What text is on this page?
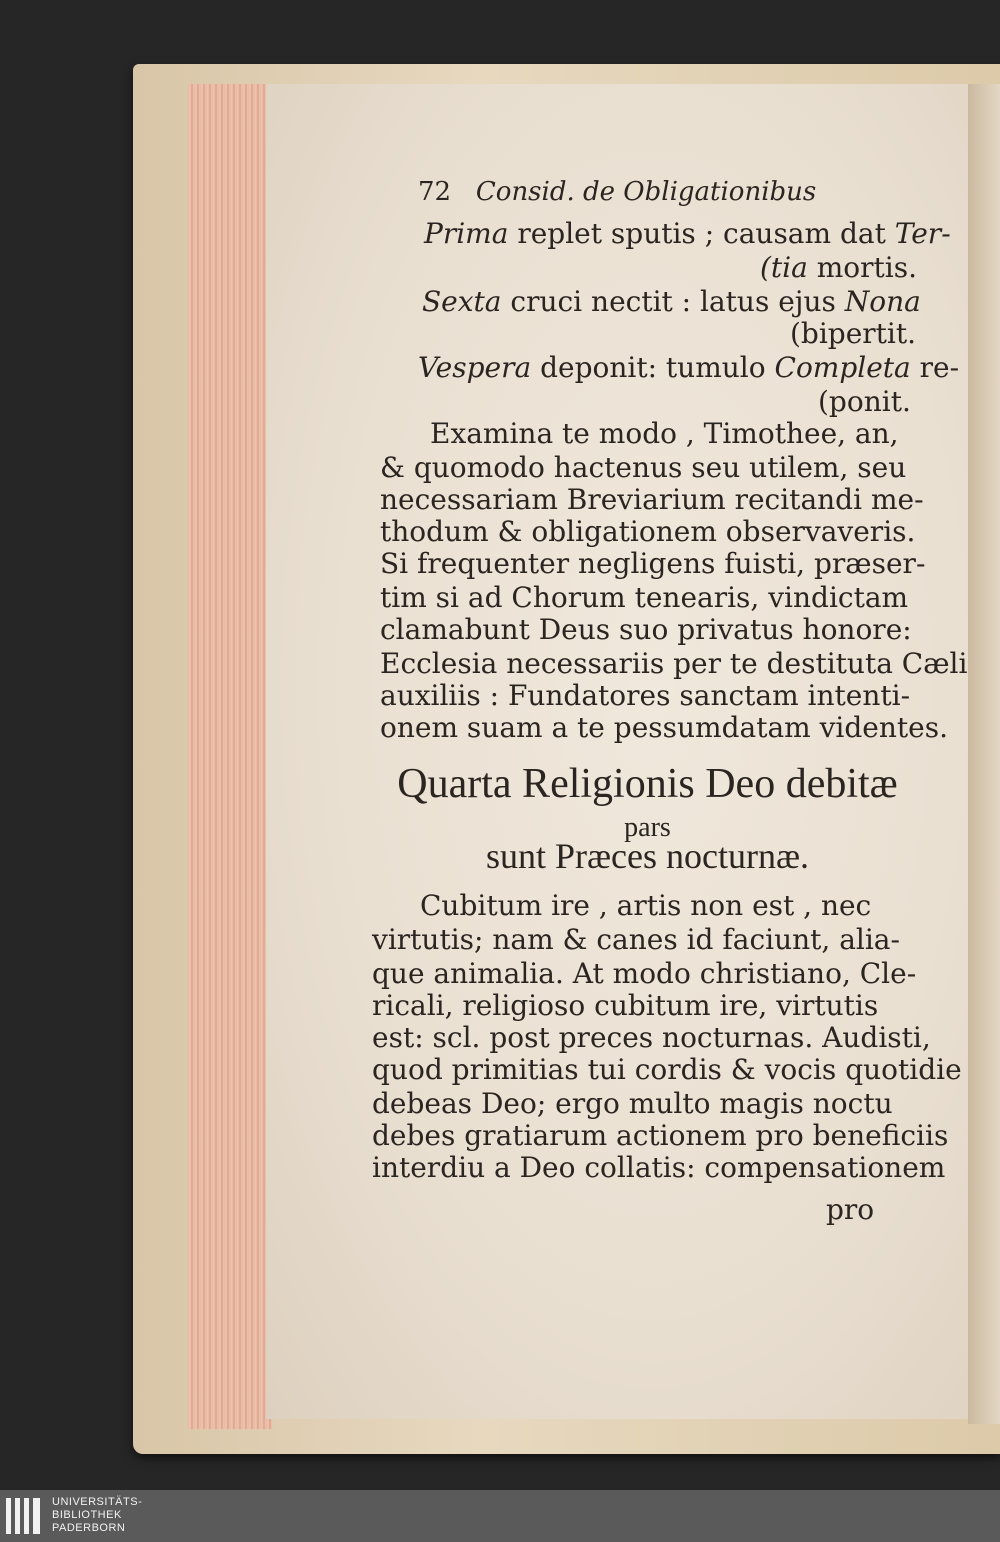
72 Consid. de Obligationibus

Prima replet sputis ; causam dat Ter-

(tia mortis.

Sexta cruci nectit : latus ejus Nona

(bipertit.

Vespera deponit: tumulo Completa re-

(ponit.

Examina te modo , Timothee, an,

& quomodo hactenus seu utilem, seu

necessariam Breviarium recitandi me-

thodum & obligationem observaveris.

Si frequenter negligens fuisti, præser-

tim si ad Chorum tenearis, vindictam

clamabunt Deus suo privatus honore:

Ecclesia necessariis per te destituta Cæli

auxiliis : Fundatores sanctam intenti-

onem suam a te pessumdatam videntes.

Quarta Religionis Deo debitæ

pars

sunt Præces nocturnæ.

Cubitum ire , artis non est , nec

virtutis; nam & canes id faciunt, alia-

que animalia. At modo christiano, Cle-

ricali, religioso cubitum ire, virtutis

est: scl. post preces nocturnas. Audisti,

quod primitias tui cordis & vocis quotidie

debeas Deo; ergo multo magis noctu

debes gratiarum actionem pro beneficiis

interdiu a Deo collatis: compensationem

pro

UNIVERSITÄTS-
BIBLIOTHEK
PADERBORN
